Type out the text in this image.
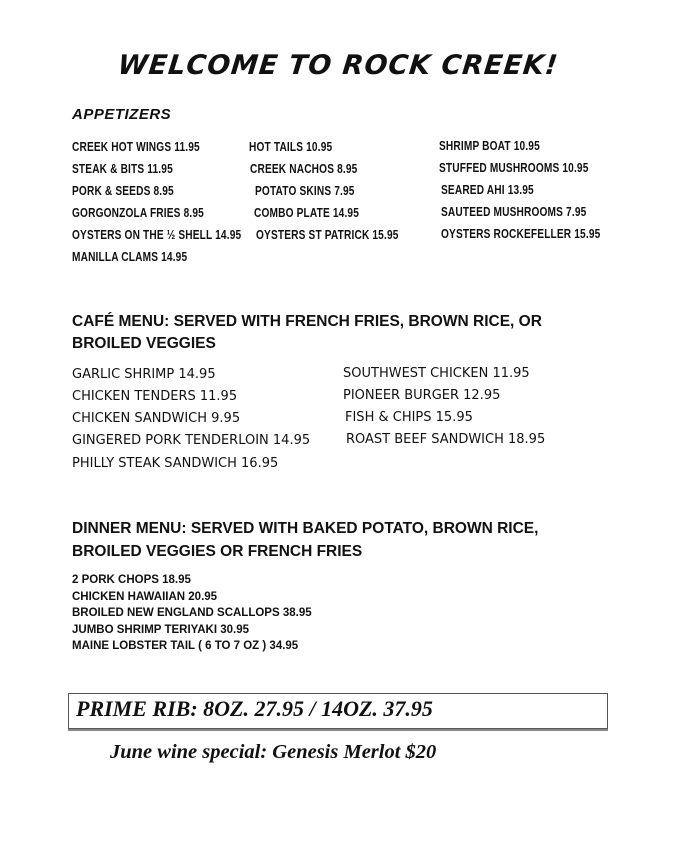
WELCOME TO ROCK CREEK!
APPETIZERS
CREEK HOT WINGS 11.95
STEAK & BITS 11.95
PORK & SEEDS 8.95
GORGONZOLA FRIES 8.95
OYSTERS ON THE ½ SHELL 14.95
MANILLA CLAMS 14.95
HOT TAILS 10.95
CREEK NACHOS 8.95
POTATO SKINS 7.95
COMBO PLATE 14.95
OYSTERS ST PATRICK 15.95
SHRIMP BOAT 10.95
STUFFED MUSHROOMS 10.95
SEARED AHI 13.95
SAUTEED MUSHROOMS 7.95
OYSTERS ROCKEFELLER 15.95
CAFÉ MENU: SERVED WITH FRENCH FRIES, BROWN RICE, OR
BROILED VEGGIES
GARLIC SHRIMP 14.95
CHICKEN TENDERS 11.95
CHICKEN SANDWICH 9.95
GINGERED PORK TENDERLOIN 14.95
PHILLY STEAK SANDWICH 16.95
SOUTHWEST CHICKEN 11.95
PIONEER BURGER 12.95
FISH & CHIPS 15.95
ROAST BEEF SANDWICH 18.95
DINNER MENU: SERVED WITH BAKED POTATO, BROWN RICE,
BROILED VEGGIES OR FRENCH FRIES
2 PORK CHOPS 18.95
CHICKEN HAWAIIAN 20.95
BROILED NEW ENGLAND SCALLOPS 38.95
JUMBO SHRIMP TERIYAKI 30.95
MAINE LOBSTER TAIL ( 6 TO 7 OZ ) 34.95
PRIME RIB: 8OZ. 27.95 / 14OZ. 37.95
June wine special: Genesis Merlot $20
